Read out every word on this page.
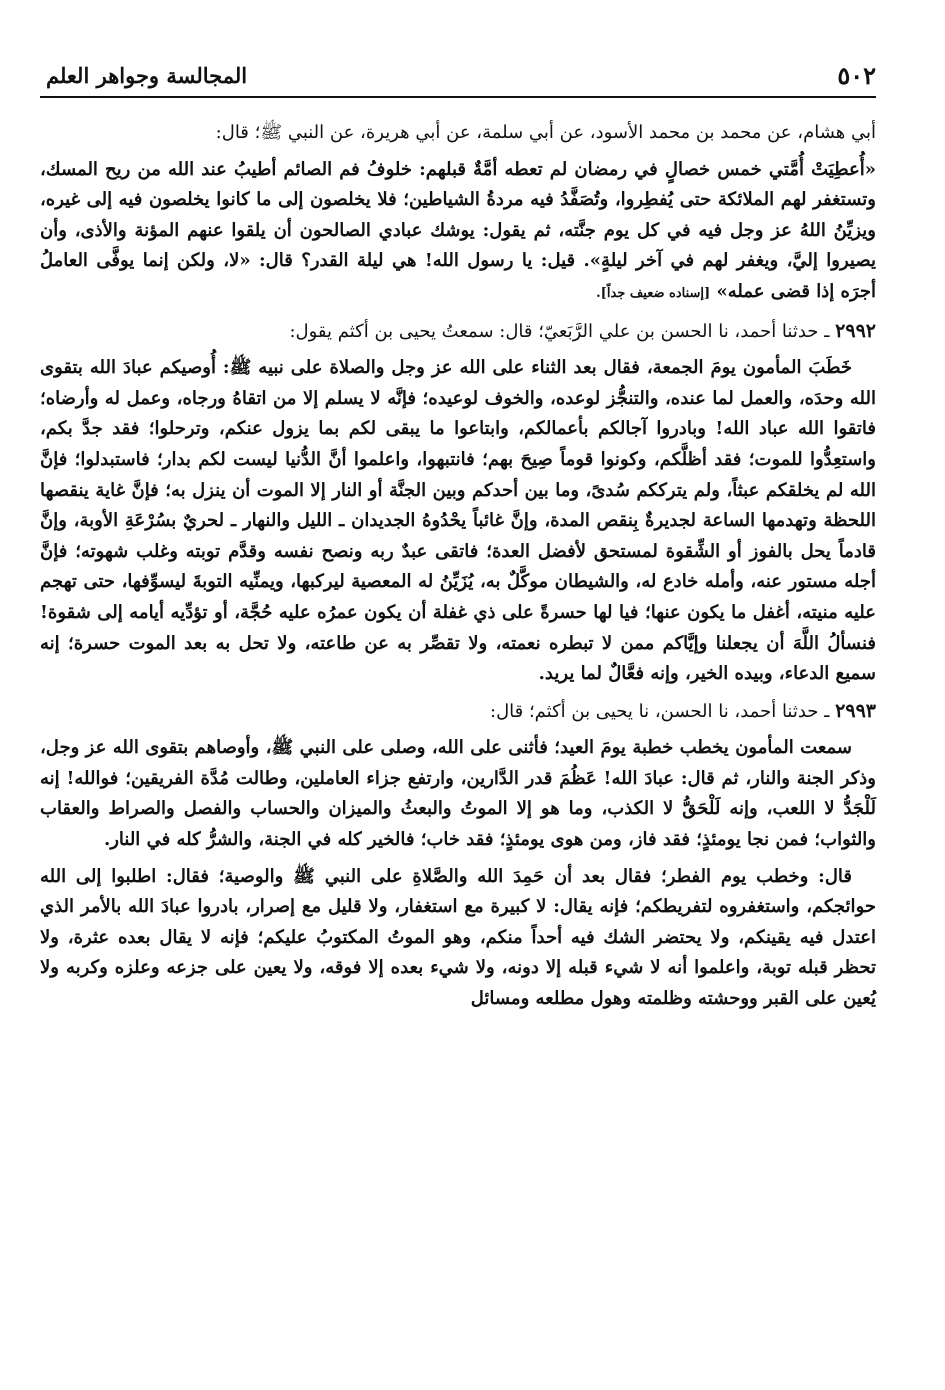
٥٠٢
المجالسة وجواهر العلم

أبي هشام، عن محمد بن محمد الأسود، عن أبي سلمة، عن أبي هريرة، عن النبي ﷺ؛ قال:

«أُعطِيَتْ أُمَّتي خمس خصالٍ في رمضان لم تعطه أمَّةٌ قبلهم: خلوفُ فم الصائم أطيبُ عند الله من ريح المسك، وتستغفر لهم الملائكة حتى يُفطِروا، وتُصَفَّدُ فيه مردةُ الشياطين؛ فلا يخلصون إلى ما كانوا يخلصون فيه إلى غيره، ويزيِّنُ اللهُ عز وجل فيه في كل يوم جنَّته، ثم يقول: يوشك عبادي الصالحون أن يلقوا عنهم المؤنة والأذى، وأن يصيروا إليَّ، ويغفر لهم في آخر ليلةٍ». قيل: يا رسول الله! هي ليلة القدر؟ قال: «لا، ولكن إنما يوفَّى العاملُ أجرَه إذا قضى عمله» [إسناده ضعيف جداً].

٢٩٩٢ ـ حدثنا أحمد، نا الحسن بن علي الرَّبَعيّ؛ قال: سمعتُ يحيى بن أكثم يقول:

خَطَبَ المأمون يومَ الجمعة، فقال بعد الثناء على الله عز وجل والصلاة على نبيه ﷺ: أُوصيكم عبادَ الله بتقوى الله وحدَه، والعمل لما عنده، والتنجُّز لوعده، والخوف لوعيده؛ فإنَّه لا يسلم إلا من اتقاهُ ورجاه، وعمل له وأرضاه؛ فاتقوا الله عباد الله! وبادروا آجالكم بأعمالكم، وابتاعوا ما يبقى لكم بما يزول عنكم، وترحلوا؛ فقد جدَّ بكم، واستعِدُّوا للموت؛ فقد أظلَّكم، وكونوا قوماً صِيحَ بهم؛ فانتبهوا، واعلموا أنَّ الدُّنيا ليست لكم بدار؛ فاستبدلوا؛ فإنَّ الله لم يخلقكم عبثاً، ولم يترككم سُدىً، وما بين أحدكم وبين الجنَّة أو النار إلا الموت أن ينزل به؛ فإنَّ غاية ينقصها اللحظة وتهدمها الساعة لجديرةٌ بِنقص المدة، وإنَّ غائباً يحْدُوهُ الجديدان ـ الليل والنهار ـ لحريٌ بسُرْعَةِ الأوبة، وإنَّ قادماً يحل بالفوز أو الشِّقوة لمستحق لأفضل العدة؛ فاتقى عبدٌ ربه ونصح نفسه وقدَّم توبته وغلب شهوته؛ فإنَّ أجله مستور عنه، وأمله خادع له، والشيطان موكَّلٌ به، يُزَيِّنُ له المعصية ليركبها، ويمنِّيه التوبةَ ليسوِّفها، حتى تهجم عليه منيته، أغفل ما يكون عنها؛ فيا لها حسرةً على ذي غفلة أن يكون عمرُه عليه حُجَّة، أو تؤدِّيه أيامه إلى شقوة! فنسألُ اللَّهَ أن يجعلنا وإيَّاكم ممن لا تبطره نعمته، ولا تقصِّر به عن طاعته، ولا تحل به بعد الموت حسرة؛ إنه سميع الدعاء، وبيده الخير، وإنه فعَّالٌ لما يريد.

٢٩٩٣ ـ حدثنا أحمد، نا الحسن، نا يحيى بن أكثم؛ قال:

سمعت المأمون يخطب خطبة يومَ العيد؛ فأثنى على الله، وصلى على النبي ﷺ، وأوصاهم بتقوى الله عز وجل، وذكر الجنة والنار، ثم قال: عبادَ الله! عَظُمَ قدر الدَّارين، وارتفع جزاء العاملين، وطالت مُدَّة الفريقين؛ فوالله! إنه لَلْجَدُّ لا اللعب، وإنه لَلْحَقُّ لا الكذب، وما هو إلا الموتُ والبعثُ والميزان والحساب والفصل والصراط والعقاب والثواب؛ فمن نجا يومئذٍ؛ فقد فاز، ومن هوى يومئذٍ؛ فقد خاب؛ فالخير كله في الجنة، والشرُّ كله في النار.

قال: وخطب يوم الفطر؛ فقال بعد أن حَمِدَ الله والصَّلاةِ على النبي ﷺ والوصية؛ فقال: اطلبوا إلى الله حوائجكم، واستغفروه لتفريطكم؛ فإنه يقال: لا كبيرة مع استغفار، ولا قليل مع إصرار، بادروا عبادَ الله بالأمر الذي اعتدل فيه يقينكم، ولا يحتضر الشك فيه أحداً منكم، وهو الموتُ المكتوبُ عليكم؛ فإنه لا يقال بعده عثرة، ولا تحظر قبله توبة، واعلموا أنه لا شيء قبله إلا دونه، ولا شيء بعده إلا فوقه، ولا يعين على جزعه وعلزه وكربه ولا يُعين على القبر ووحشته وظلمته وهول مطلعه ومسائل
